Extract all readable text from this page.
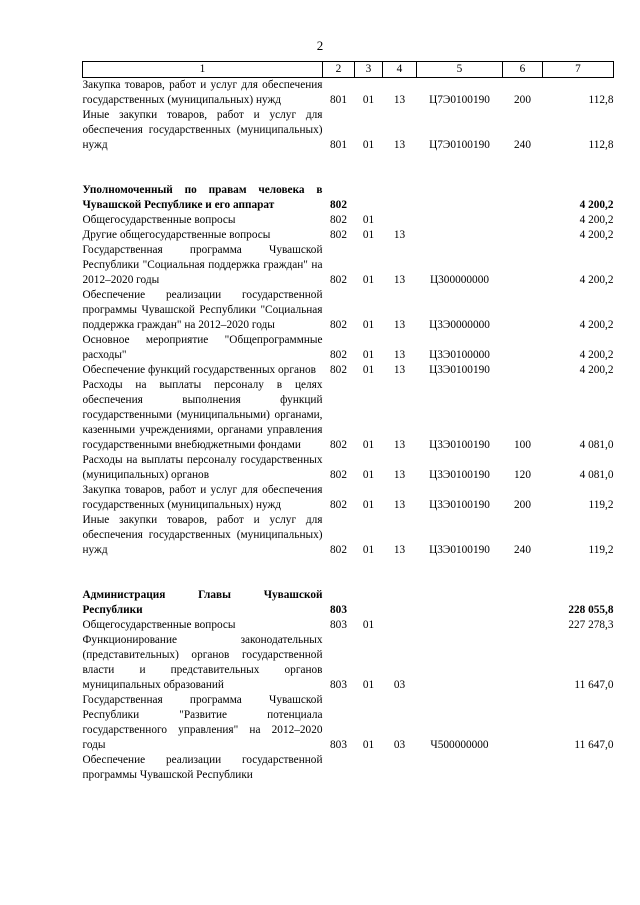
2
1	2	3	4	5	6	7
Закупка товаров, работ и услуг для обеспечения государственных (муниципальных) нужд	801	01	13	Ц7Э0100190	200	112,8
Иные закупки товаров, работ и услуг для обеспечения государственных (муниципальных) нужд	801	01	13	Ц7Э0100190	240	112,8

Уполномоченный по правам человека в Чувашской Республике и его аппарат	802					4 200,2
Общегосударственные вопросы	802	01				4 200,2
Другие общегосударственные вопросы	802	01	13			4 200,2
Государственная программа Чувашской Республики "Социальная поддержка граждан" на 2012–2020 годы	802	01	13	Ц300000000		4 200,2
Обеспечение реализации государственной программы Чувашской Республики "Социальная поддержка граждан" на 2012–2020 годы	802	01	13	Ц3Э0000000		4 200,2
Основное мероприятие "Общепрограммные расходы"	802	01	13	Ц3Э0100000		4 200,2
Обеспечение функций государственных органов	802	01	13	Ц3Э0100190		4 200,2
Расходы на выплаты персоналу в целях обеспечения выполнения функций государственными (муниципальными) органами, казенными учреждениями, органами управления государственными внебюджетными фондами	802	01	13	Ц3Э0100190	100	4 081,0
Расходы на выплаты персоналу государственных (муниципальных) органов	802	01	13	Ц3Э0100190	120	4 081,0
Закупка товаров, работ и услуг для обеспечения государственных (муниципальных) нужд	802	01	13	Ц3Э0100190	200	119,2
Иные закупки товаров, работ и услуг для обеспечения государственных (муниципальных) нужд	802	01	13	Ц3Э0100190	240	119,2

Администрация Главы Чувашской Республики	803					228 055,8
Общегосударственные вопросы	803	01				227 278,3
Функционирование законодательных (представительных) органов государственной власти и представительных органов муниципальных образований	803	01	03			11 647,0
Государственная программа Чувашской Республики "Развитие потенциала государственного управления" на 2012–2020 годы	803	01	03	Ч500000000		11 647,0
Обеспечение реализации государственной программы Чувашской Республики						
